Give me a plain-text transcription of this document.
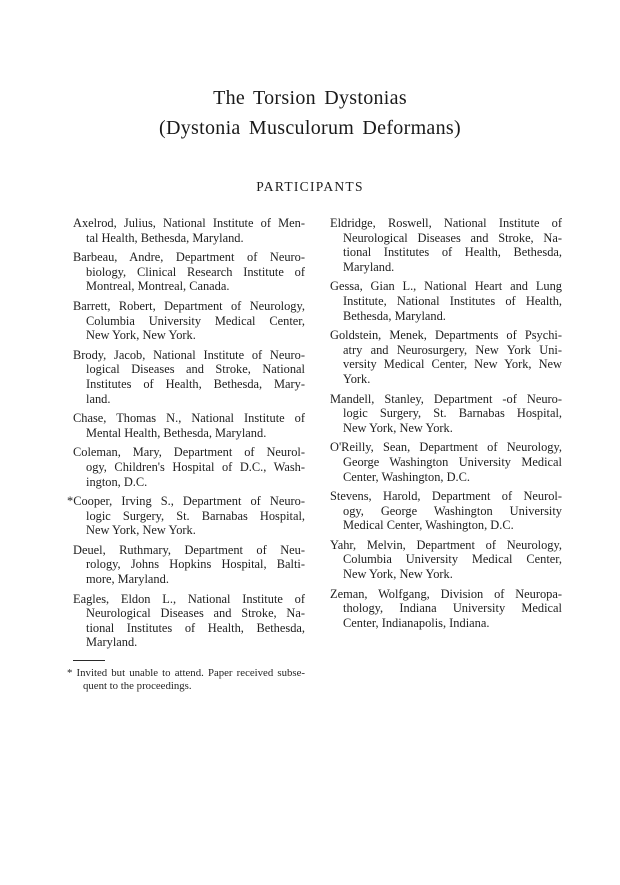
The Torsion Dystonias
(Dystonia Musculorum Deformans)
PARTICIPANTS
Axelrod, Julius, National Institute of Men-
tal Health, Bethesda, Maryland.
Barbeau, Andre, Department of Neuro-
biology, Clinical Research Institute of
Montreal, Montreal, Canada.
Barrett, Robert, Department of Neurology,
Columbia University Medical Center,
New York, New York.
Brody, Jacob, National Institute of Neuro-
logical Diseases and Stroke, National
Institutes of Health, Bethesda, Mary-
land.
Chase, Thomas N., National Institute of
Mental Health, Bethesda, Maryland.
Coleman, Mary, Department of Neurol-
ogy, Children's Hospital of D.C., Wash-
ington, D.C.
*Cooper, Irving S., Department of Neuro-
logic Surgery, St. Barnabas Hospital,
New York, New York.
Deuel, Ruthmary, Department of Neu-
rology, Johns Hopkins Hospital, Balti-
more, Maryland.
Eagles, Eldon L., National Institute of
Neurological Diseases and Stroke, Na-
tional Institutes of Health, Bethesda,
Maryland.
* Invited but unable to attend. Paper received subse-
quent to the proceedings.
Eldridge, Roswell, National Institute of
Neurological Diseases and Stroke, Na-
tional Institutes of Health, Bethesda,
Maryland.
Gessa, Gian L., National Heart and Lung
Institute, National Institutes of Health,
Bethesda, Maryland.
Goldstein, Menek, Departments of Psychi-
atry and Neurosurgery, New York Uni-
versity Medical Center, New York, New
York.
Mandell, Stanley, Department -of Neuro-
logic Surgery, St. Barnabas Hospital,
New York, New York.
O'Reilly, Sean, Department of Neurology,
George Washington University Medical
Center, Washington, D.C.
Stevens, Harold, Department of Neurol-
ogy, George Washington University
Medical Center, Washington, D.C.
Yahr, Melvin, Department of Neurology,
Columbia University Medical Center,
New York, New York.
Zeman, Wolfgang, Division of Neuropa-
thology, Indiana University Medical
Center, Indianapolis, Indiana.
